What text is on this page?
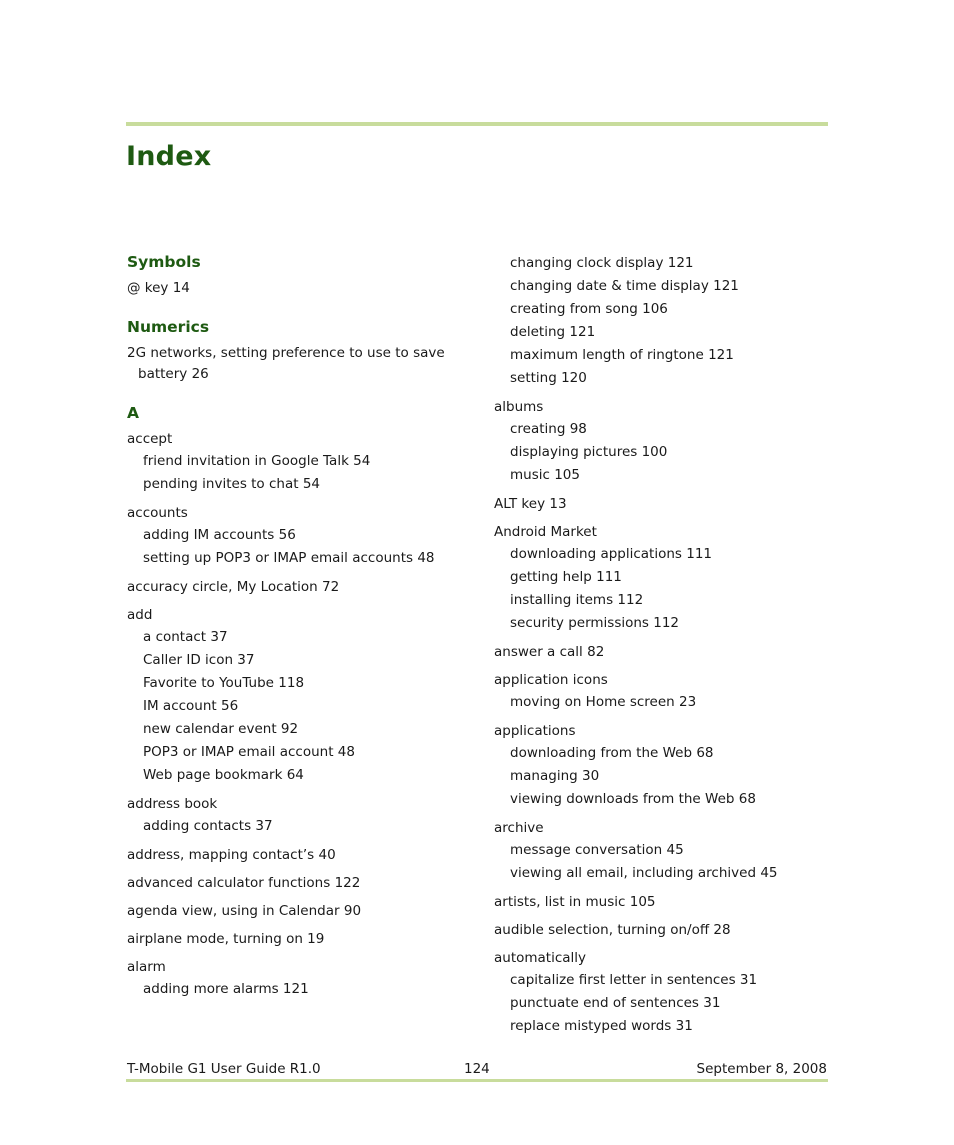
Index
Symbols
@ key 14
Numerics
2G networks, setting preference to use to save battery 26
A
accept
friend invitation in Google Talk 54
pending invites to chat 54
accounts
adding IM accounts 56
setting up POP3 or IMAP email accounts 48
accuracy circle, My Location 72
add
a contact 37
Caller ID icon 37
Favorite to YouTube 118
IM account 56
new calendar event 92
POP3 or IMAP email account 48
Web page bookmark 64
address book
adding contacts 37
address, mapping contact’s 40
advanced calculator functions 122
agenda view, using in Calendar 90
airplane mode, turning on 19
alarm
adding more alarms 121
changing clock display 121
changing date & time display 121
creating from song 106
deleting 121
maximum length of ringtone 121
setting 120
albums
creating 98
displaying pictures 100
music 105
ALT key 13
Android Market
downloading applications 111
getting help 111
installing items 112
security permissions 112
answer a call 82
application icons
moving on Home screen 23
applications
downloading from the Web 68
managing 30
viewing downloads from the Web 68
archive
message conversation 45
viewing all email, including archived 45
artists, list in music 105
audible selection, turning on/off 28
automatically
capitalize first letter in sentences 31
punctuate end of sentences 31
replace mistyped words 31
T-Mobile G1 User Guide R1.0	124	September 8, 2008
